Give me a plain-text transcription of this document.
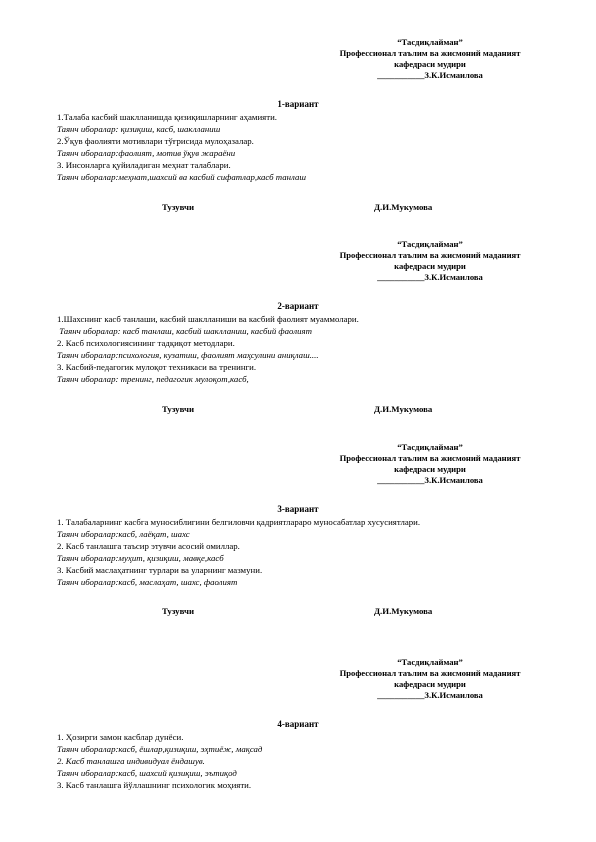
“Тасдиқлайман”
Профессионал таълим ва жисмоний маданият
кафедраси мудири
___________З.К.Исмаилова
1-вариант
1.Талаба касбий шаклланишда қизиқишларнинг аҳамияти.
Таянч иборалар: қизиқиш, касб, шаклланиш
2.Ўқув фаолияти мотивлари тўғрисида мулоҳазалар.
Таянч иборалар:фаолият, мотив ўқув жараёни
3. Инсонларга қуйиладиган меҳнат талаблари.
Таянч иборалар:меҳнат,шахсий ва касбий сифатлар,касб танлаш
Тузувчи	Д.И.Мукумова
“Тасдиқлайман”
Профессионал таълим ва жисмоний маданият
кафедраси мудири
___________З.К.Исмаилова
2-вариант
1.Шахснинг касб танлаши, касбий шаклланиши ва касбий фаолият муаммолари.
Таянч иборалар: касб танлаш, касбий шаклланиш, касбий фаолият
2. Касб психологиясининг тадқиқот методлари.
Таянч иборалар:психология, кузатиш, фаолият маҳсулини аниқлаш....
3. Касбий-педагогик мулоқот техникаси ва тренинги.
Таянч иборалар: тренинг, педагогик мулоқот,касб,
Тузувчи	Д.И.Мукумова
“Тасдиқлайман”
Профессионал таълим ва жисмоний маданият
кафедраси мудири
___________З.К.Исмаилова
3-вариант
1. Талабаларнинг касбга муносиблигини белгиловчи қадриятлараро муносабатлар хусусиятлари.
Таянч иборалар:касб, лаёқат, шахс
2. Касб танлашга таъсир этувчи асосий омиллар.
Таянч иборалар:муҳит, қизиқиш, мавқе,касб
3. Касбий маслаҳатнинг турлари ва уларнинг мазмуни.
Таянч иборалар:касб, маслаҳат, шахс, фаолият
Тузувчи	Д.И.Мукумова
“Тасдиқлайман”
Профессионал таълим ва жисмоний маданият
кафедраси мудири
___________З.К.Исмаилова
4-вариант
1. Ҳозирги замон касблар дунёси.
Таянч иборалар:касб, ёшлар,қизиқиш, эҳтиёж, мақсад
2. Касб танлашга индивидуал ёндашув.
Таянч иборалар:касб, шахсий қизиқиш, эътиқод
3. Касб танлашга йўллашнинг психологик моҳияти.
